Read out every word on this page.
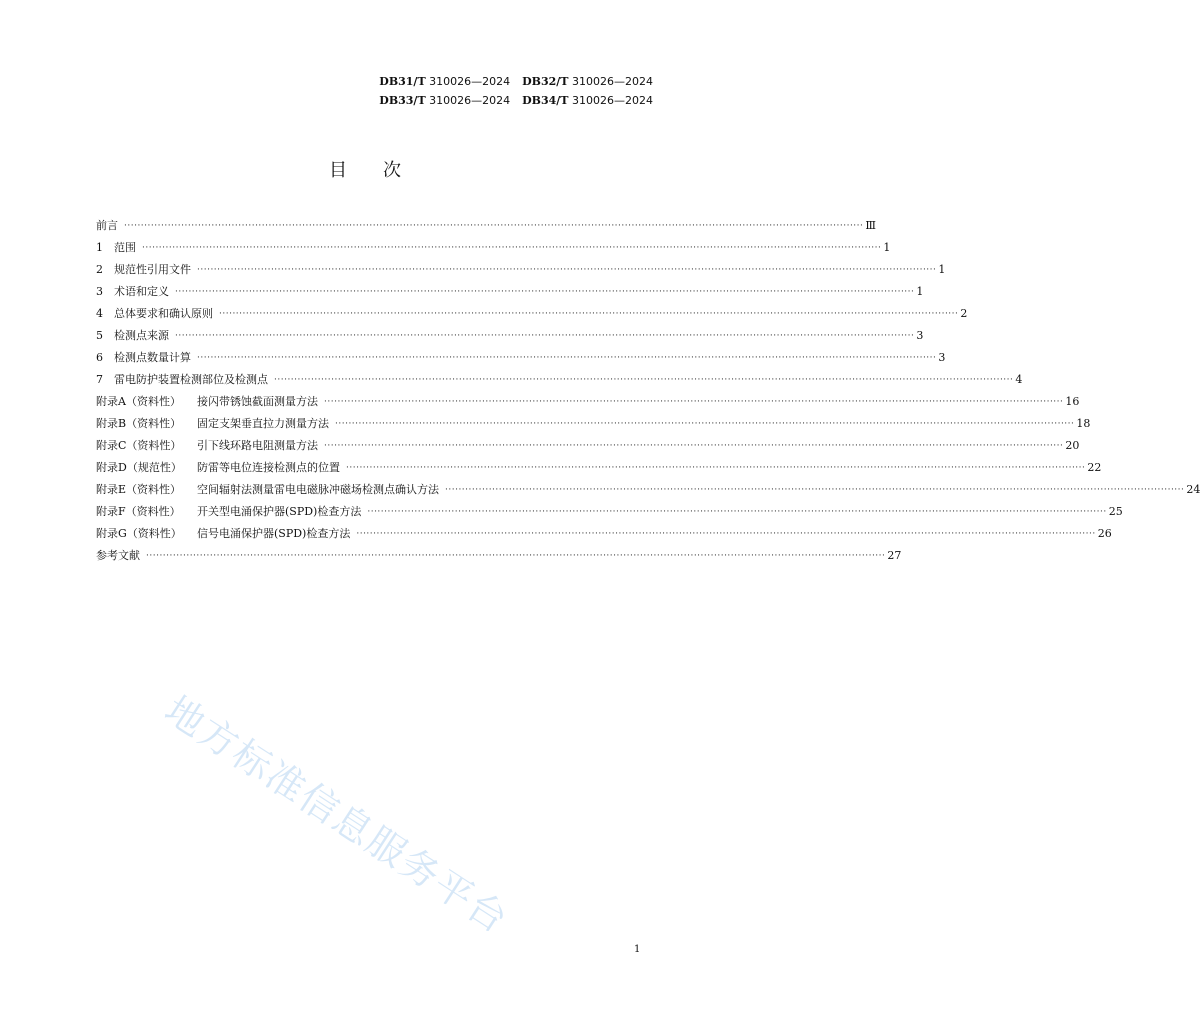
DB31/T 310026—2024 DB32/T 310026—2024
DB33/T 310026—2024 DB34/T 310026—2024
目 次
前言 ···························································································································································································································· Ⅲ
1	范围 ···························································································································································································································· 1
2	规范性引用文件 ···························································································································································································································· 1
3	术语和定义 ···························································································································································································································· 1
4	总体要求和确认原则 ···························································································································································································································· 2
5	检测点来源 ···························································································································································································································· 3
6	检测点数量计算 ···························································································································································································································· 3
7	雷电防护装置检测部位及检测点 ···························································································································································································································· 4
附录A（资料性）	接闪带锈蚀截面测量方法 ···························································································································································································································· 16
附录B（资料性）	固定支架垂直拉力测量方法 ···························································································································································································································· 18
附录C（资料性）	引下线环路电阻测量方法 ···························································································································································································································· 20
附录D（规范性）	防雷等电位连接检测点的位置 ···························································································································································································································· 22
附录E（资料性）	空间辐射法测量雷电电磁脉冲磁场检测点确认方法 ···························································································································································································································· 24
附录F（资料性）	开关型电涌保护器(SPD)检查方法 ···························································································································································································································· 25
附录G（资料性）	信号电涌保护器(SPD)检查方法 ···························································································································································································································· 26
参考文献 ···························································································································································································································· 27
地方标准信息服务平台
1
